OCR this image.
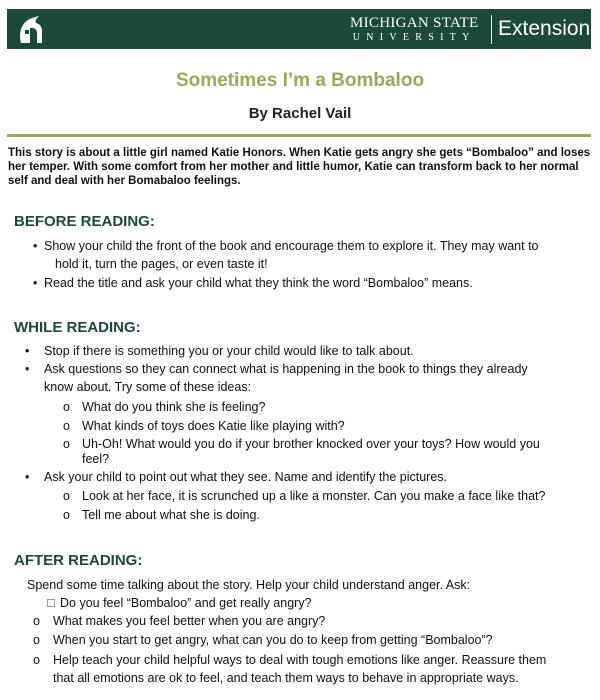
MICHIGAN STATE
UNIVERSITY Extension
Sometimes I’m a Bombaloo
By Rachel Vail
This story is about a little girl named Katie Honors. When Katie gets angry she gets “Bombaloo” and loses her temper. With some comfort from her mother and little humor, Katie can transform back to her normal self and deal with her Bomabaloo feelings.
BEFORE READING:
• Show your child the front of the book and encourage them to explore it. They may want to
hold it, turn the pages, or even taste it!
• Read the title and ask your child what they think the word “Bombaloo” means.
WHILE READING:
• Stop if there is something you or your child would like to talk about.
• Ask questions so they can connect what is happening in the book to things they already
know about. Try some of these ideas:
o What do you think she is feeling?
o What kinds of toys does Katie like playing with?
o Uh-Oh! What would you do if your brother knocked over your toys? How would you
feel?
• Ask your child to point out what they see. Name and identify the pictures.
o Look at her face, it is scrunched up a like a monster. Can you make a face like that?
o Tell me about what she is doing.
AFTER READING:
Spend some time talking about the story. Help your child understand anger. Ask:
Do you feel “Bombaloo” and get really angry?
o What makes you feel better when you are angry?
o When you start to get angry, what can you do to keep from getting “Bombaloo”?
o Help teach your child helpful ways to deal with tough emotions like anger. Reassure them
that all emotions are ok to feel, and teach them ways to behave in appropriate ways.
